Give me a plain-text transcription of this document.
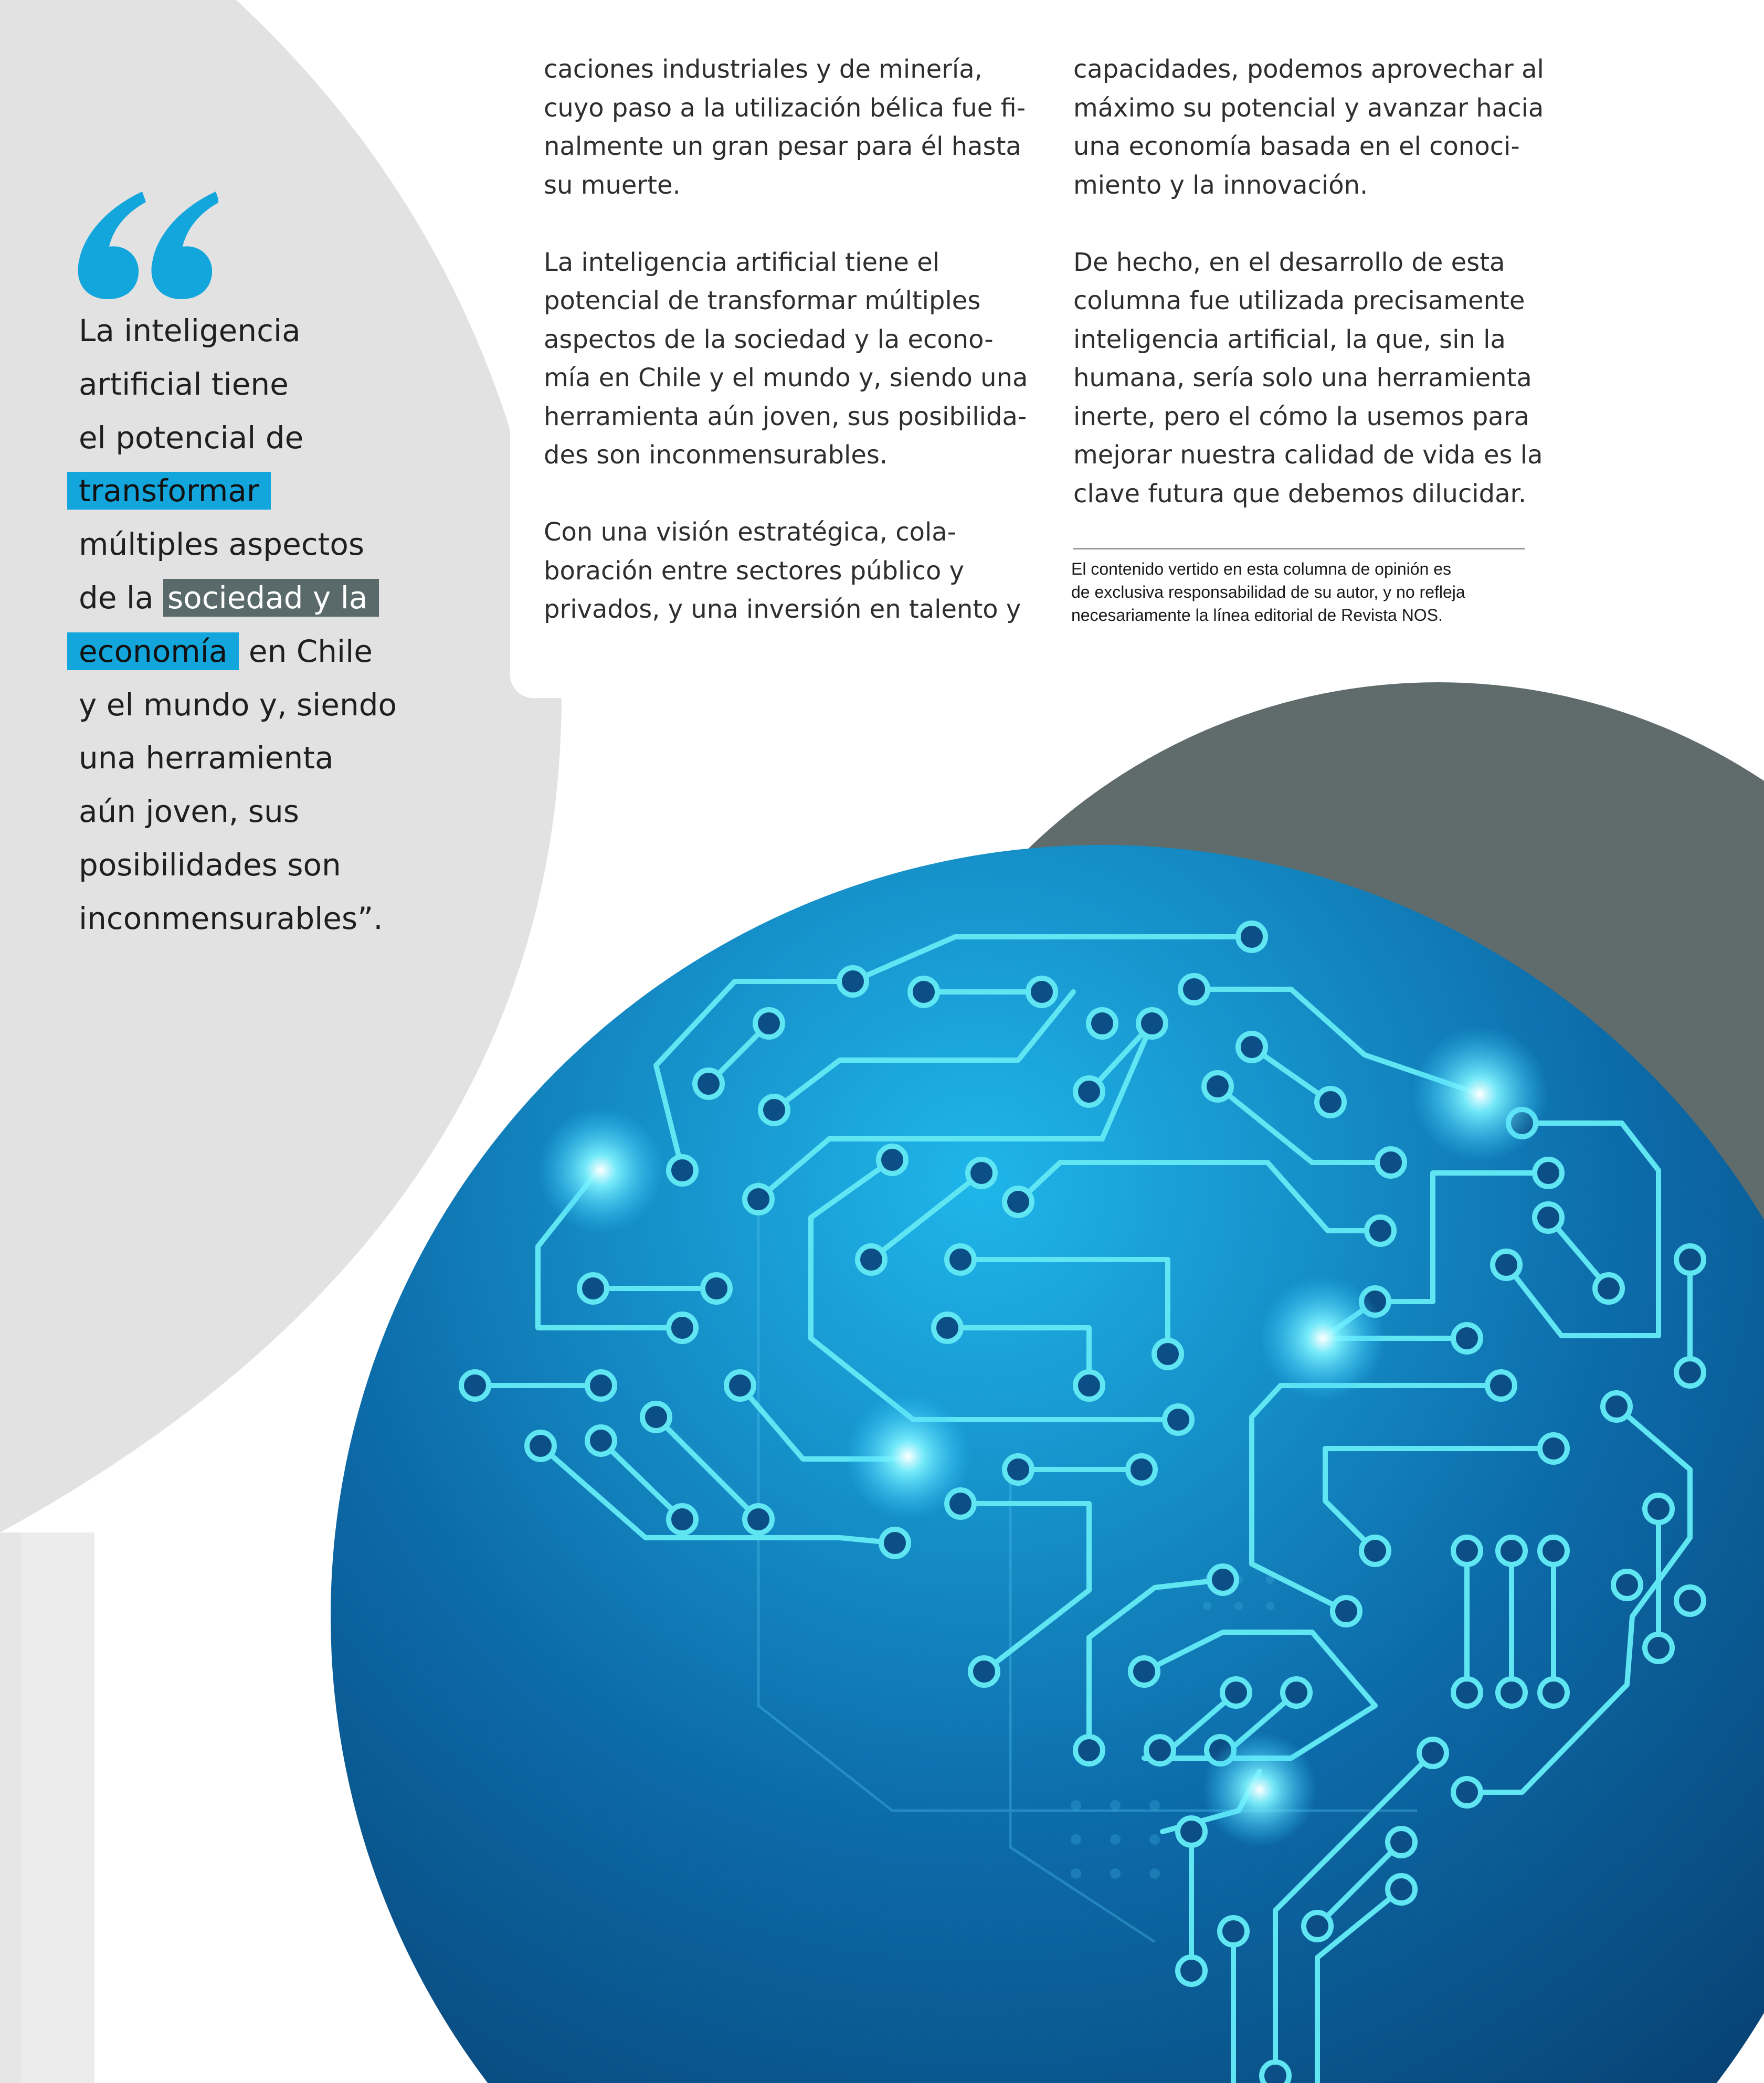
La inteligencia
artificial tiene
el potencial de
transformar
múltiples aspectos
de la sociedad y la
economía en Chile
y el mundo y, siendo
una herramienta
aún joven, sus
posibilidades son
inconmensurables”.

caciones industriales y de minería,
cuyo paso a la utilización bélica fue fi-
nalmente un gran pesar para él hasta
su muerte.

La inteligencia artificial tiene el
potencial de transformar múltiples
aspectos de la sociedad y la econo-
mía en Chile y el mundo y, siendo una
herramienta aún joven, sus posibilida-
des son inconmensurables.

Con una visión estratégica, cola-
boración entre sectores público y
privados, y una inversión en talento y

capacidades, podemos aprovechar al
máximo su potencial y avanzar hacia
una economía basada en el conoci-
miento y la innovación.

De hecho, en el desarrollo de esta
columna fue utilizada precisamente
inteligencia artificial, la que, sin la
humana, sería solo una herramienta
inerte, pero el cómo la usemos para
mejorar nuestra calidad de vida es la
clave futura que debemos dilucidar.

El contenido vertido en esta columna de opinión es
de exclusiva responsabilidad de su autor, y no refleja
necesariamente la línea editorial de Revista NOS.
